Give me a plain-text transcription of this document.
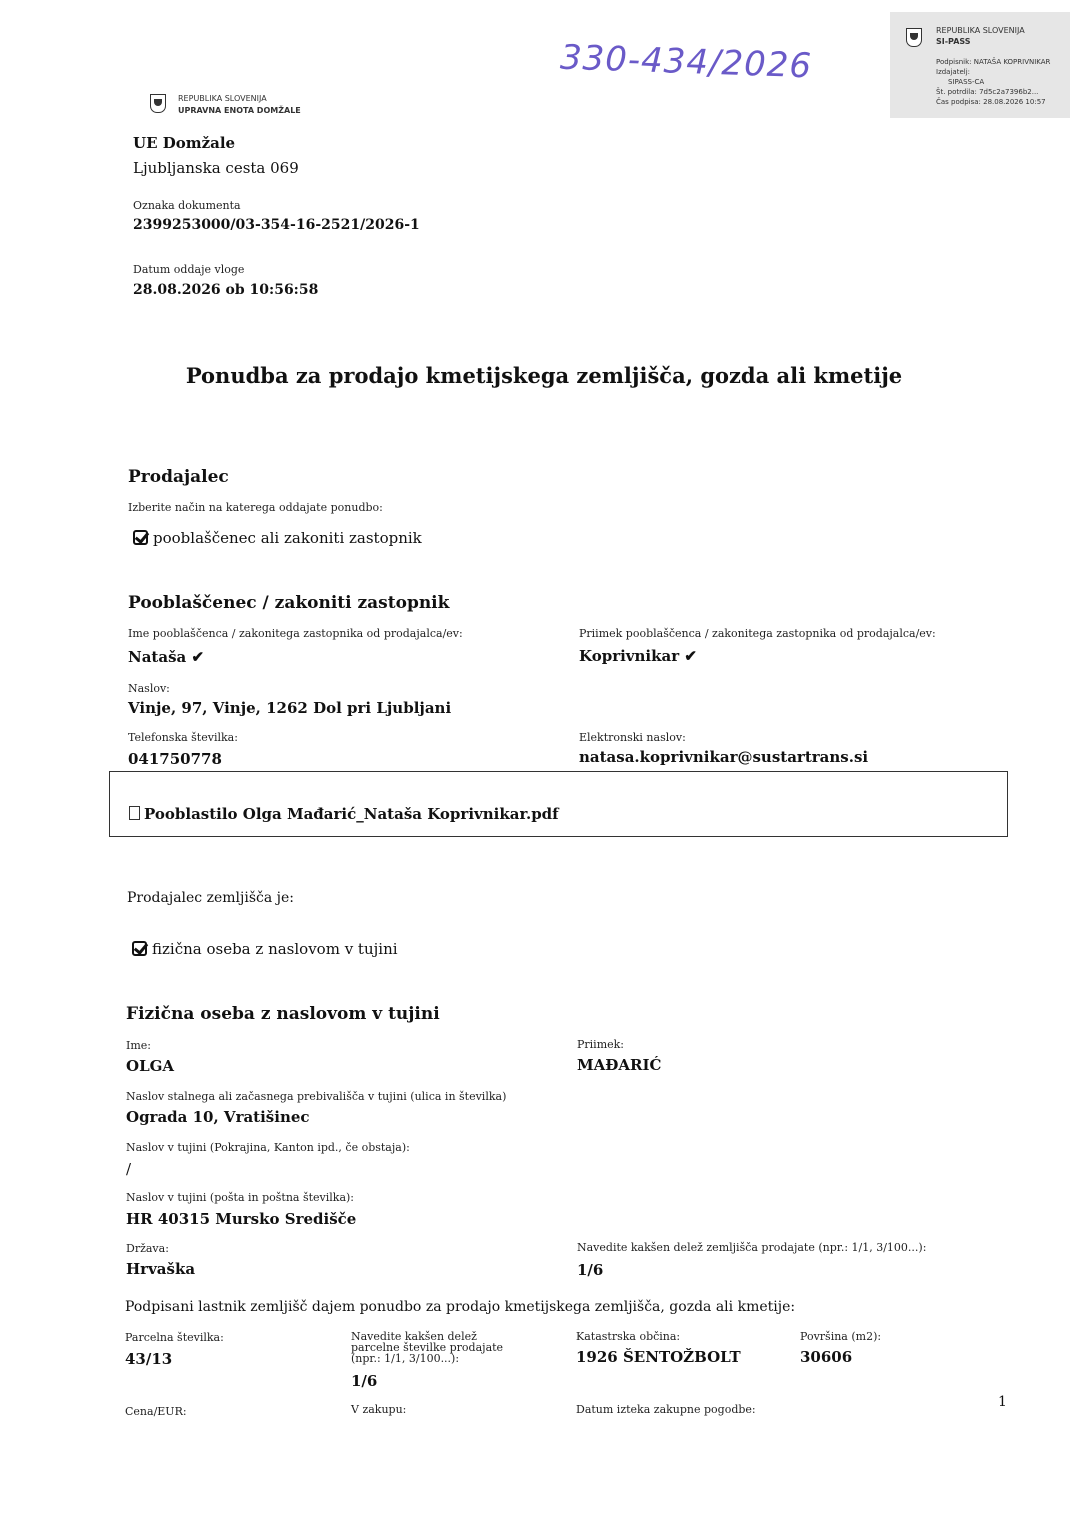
330-434/2026
REPUBLIKA SLOVENIJA
SI-PASS
Podpisnik: NATAŠA KOPRIVNIKAR
Izdajatelj:
SIPASS-CA
Št. potrdila: 7d5c2a7396b2...
Čas podpisa: 28.08.2026 10:57
REPUBLIKA SLOVENIJA
UPRAVNA ENOTA DOMŽALE
UE Domžale
Ljubljanska cesta 069
Oznaka dokumenta
2399253000/03-354-16-2521/2026-1
Datum oddaje vloge
28.08.2026 ob 10:56:58
Ponudba za prodajo kmetijskega zemljišča, gozda ali kmetije
Prodajalec
Izberite način na katerega oddajate ponudbo:
pooblaščenec ali zakoniti zastopnik
Pooblaščenec / zakoniti zastopnik
Ime pooblaščenca / zakonitega zastopnika od prodajalca/ev:
Nataša ✔
Priimek pooblaščenca / zakonitega zastopnika od prodajalca/ev:
Koprivnikar ✔
Naslov:
Vinje, 97, Vinje, 1262 Dol pri Ljubljani
Telefonska številka:
041750778
Elektronski naslov:
natasa.koprivnikar@sustartrans.si
Pooblastilo Olga Mađarić_Nataša Koprivnikar.pdf
Prodajalec zemljišča je:
fizična oseba z naslovom v tujini
Fizična oseba z naslovom v tujini
Ime:
OLGA
Priimek:
MAĐARIĆ
Naslov stalnega ali začasnega prebivališča v tujini (ulica in številka)
Ograda 10, Vratišinec
Naslov v tujini (Pokrajina, Kanton ipd., če obstaja):
/
Naslov v tujini (pošta in poštna številka):
HR 40315 Mursko Središče
Država:
Hrvaška
Navedite kakšen delež zemljišča prodajate (npr.: 1/1, 3/100...):
1/6
Podpisani lastnik zemljišč dajem ponudbo za prodajo kmetijskega zemljišča, gozda ali kmetije:
Parcelna številka:
43/13
Navedite kakšen delež parcelne številke prodajate (npr.: 1/1, 3/100...):
1/6
Katastrska občina:
1926 ŠENTOŽBOLT
Površina (m2):
30606
Cena/EUR:	V zakupu:	Datum izteka zakupne pogodbe:	1
